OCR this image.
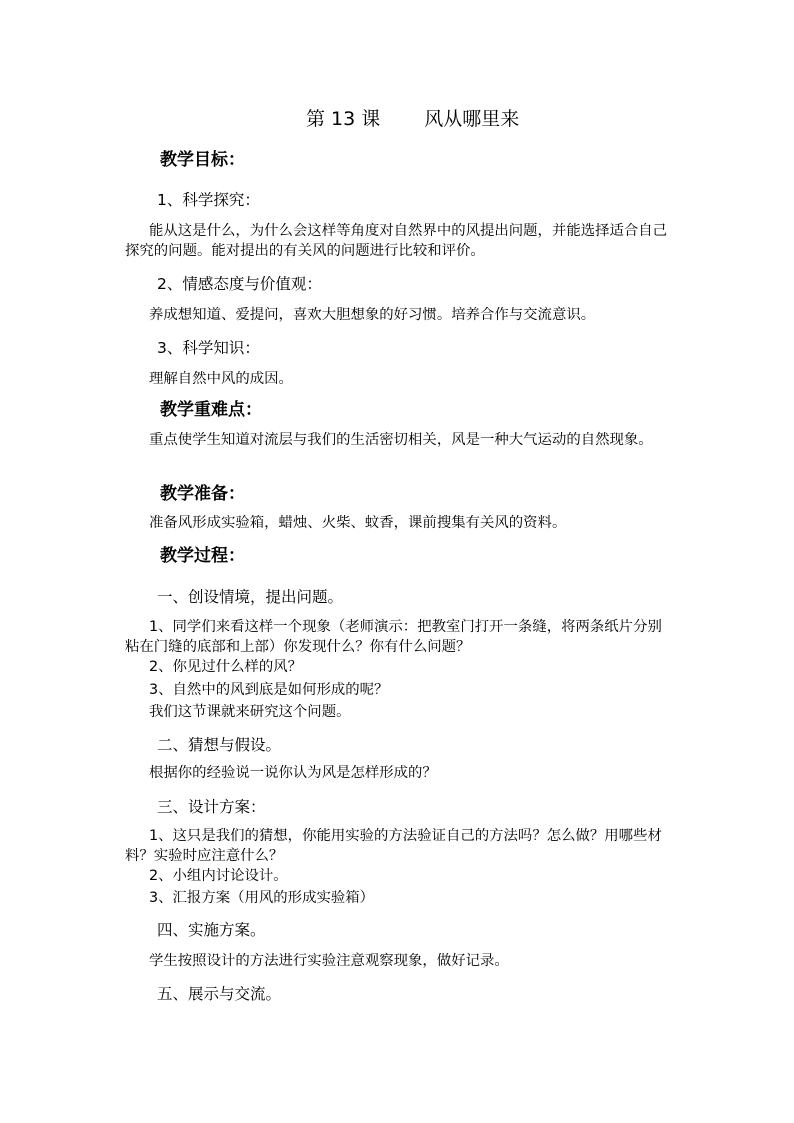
第 13 课 风从哪里来
教学目标：
1、科学探究：
能从这是什么，为什么会这样等角度对自然界中的风提出问题，并能选择适合自己探究的问题。能对提出的有关风的问题进行比较和评价。
2、情感态度与价值观：
养成想知道、爱提问，喜欢大胆想象的好习惯。培养合作与交流意识。
3、科学知识：
理解自然中风的成因。
教学重难点：
重点使学生知道对流层与我们的生活密切相关，风是一种大气运动的自然现象。
教学准备：
准备风形成实验箱，蜡烛、火柴、蚊香，课前搜集有关风的资料。
教学过程：
一、创设情境，提出问题。
1、同学们来看这样一个现象（老师演示：把教室门打开一条缝，将两条纸片分别粘在门缝的底部和上部）你发现什么？你有什么问题？
2、你见过什么样的风？
3、自然中的风到底是如何形成的呢？
我们这节课就来研究这个问题。
二、猜想与假设。
根据你的经验说一说你认为风是怎样形成的？
三、设计方案：
1、这只是我们的猜想，你能用实验的方法验证自己的方法吗？怎么做？用哪些材料？实验时应注意什么？
2、小组内讨论设计。
3、汇报方案（用风的形成实验箱）
四、实施方案。
学生按照设计的方法进行实验注意观察现象，做好记录。
五、展示与交流。
